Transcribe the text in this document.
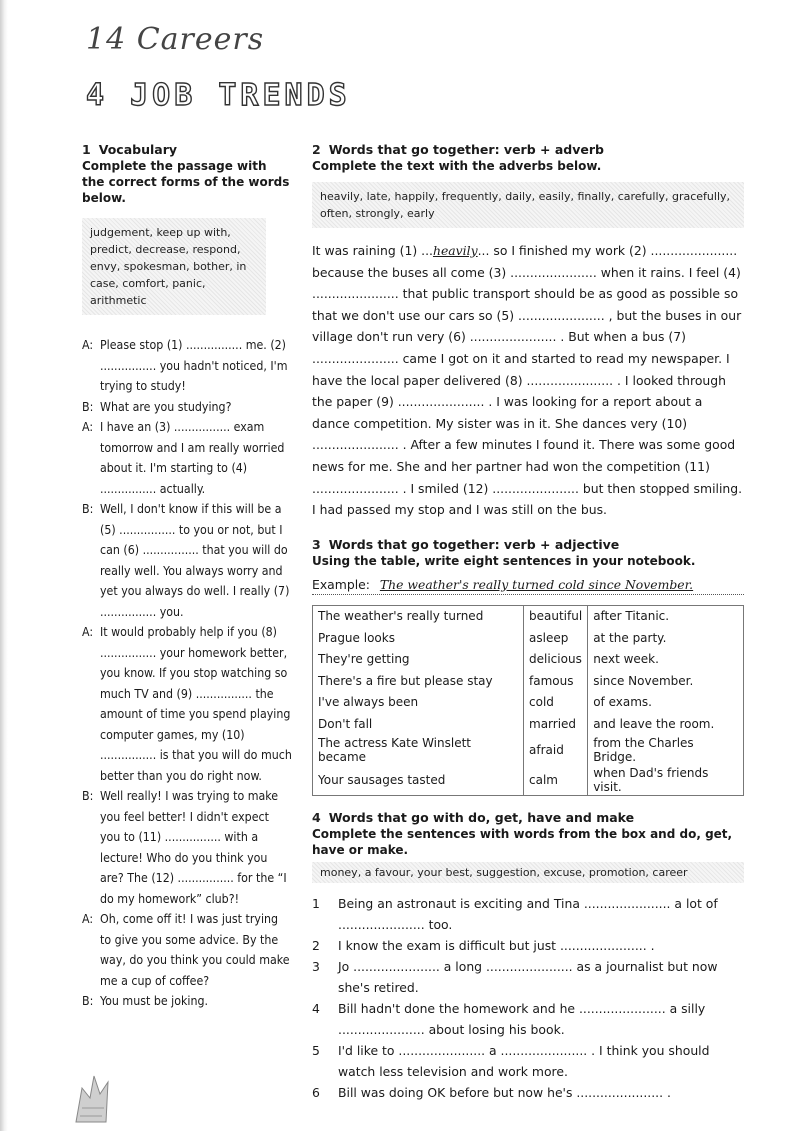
14 Careers
4 JOB TRENDS
1 Vocabulary
Complete the passage with the correct forms of the words below.
judgement, keep up with, predict, decrease, respond, envy, spokesman, bother, in case, comfort, panic, arithmetic
A: Please stop (1) ................ me. (2) ................ you hadn't noticed, I'm trying to study!
B: What are you studying?
A: I have an (3) ................ exam tomorrow and I am really worried about it. I'm starting to (4) ................ actually.
B: Well, I don't know if this will be a (5) ................ to you or not, but I can (6) ................ that you will do really well. You always worry and yet you always do well. I really (7) ................ you.
A: It would probably help if you (8) ................ your homework better, you know. If you stop watching so much TV and (9) ................ the amount of time you spend playing computer games, my (10) ................ is that you will do much better than you do right now.
B: Well really! I was trying to make you feel better! I didn't expect you to (11) ................ with a lecture! Who do you think you are? The (12) ................ for the “I do my homework” club?!
A: Oh, come off it! I was just trying to give you some advice. By the way, do you think you could make me a cup of coffee?
B: You must be joking.
2 Words that go together: verb + adverb
Complete the text with the adverbs below.
heavily, late, happily, frequently, daily, easily, finally, carefully, gracefully, often, strongly, early
It was raining (1) ...heavily... so I finished my work (2) ...................... because the buses all come (3) ...................... when it rains. I feel (4) ...................... that public transport should be as good as possible so that we don't use our cars so (5) ...................... , but the buses in our village don't run very (6) ...................... . But when a bus (7) ...................... came I got on it and started to read my newspaper. I have the local paper delivered (8) ...................... . I looked through the paper (9) ...................... . I was looking for a report about a dance competition. My sister was in it. She dances very (10) ...................... . After a few minutes I found it. There was some good news for me. She and her partner had won the competition (11) ...................... . I smiled (12) ...................... but then stopped smiling. I had passed my stop and I was still on the bus.
3 Words that go together: verb + adjective
Using the table, write eight sentences in your notebook.
Example: The weather's really turned cold since November.
The weather's really turned	beautiful	after Titanic.
Prague looks	asleep	at the party.
They're getting	delicious	next week.
There's a fire but please stay	famous	since November.
I've always been	cold	of exams.
Don't fall	married	and leave the room.
The actress Kate Winslett became	afraid	from the Charles Bridge.
Your sausages tasted	calm	when Dad's friends visit.
4 Words that go with do, get, have and make
Complete the sentences with words from the box and do, get, have or make.
money, a favour, your best, suggestion, excuse, promotion, career
1	Being an astronaut is exciting and Tina ...................... a lot of ...................... too.
2	I know the exam is difficult but just ...................... .
3	Jo ...................... a long ...................... as a journalist but now she's retired.
4	Bill hadn't done the homework and he ...................... a silly ...................... about losing his book.
5	I'd like to ...................... a ...................... . I think you should watch less television and work more.
6	Bill was doing OK before but now he's ...................... .
